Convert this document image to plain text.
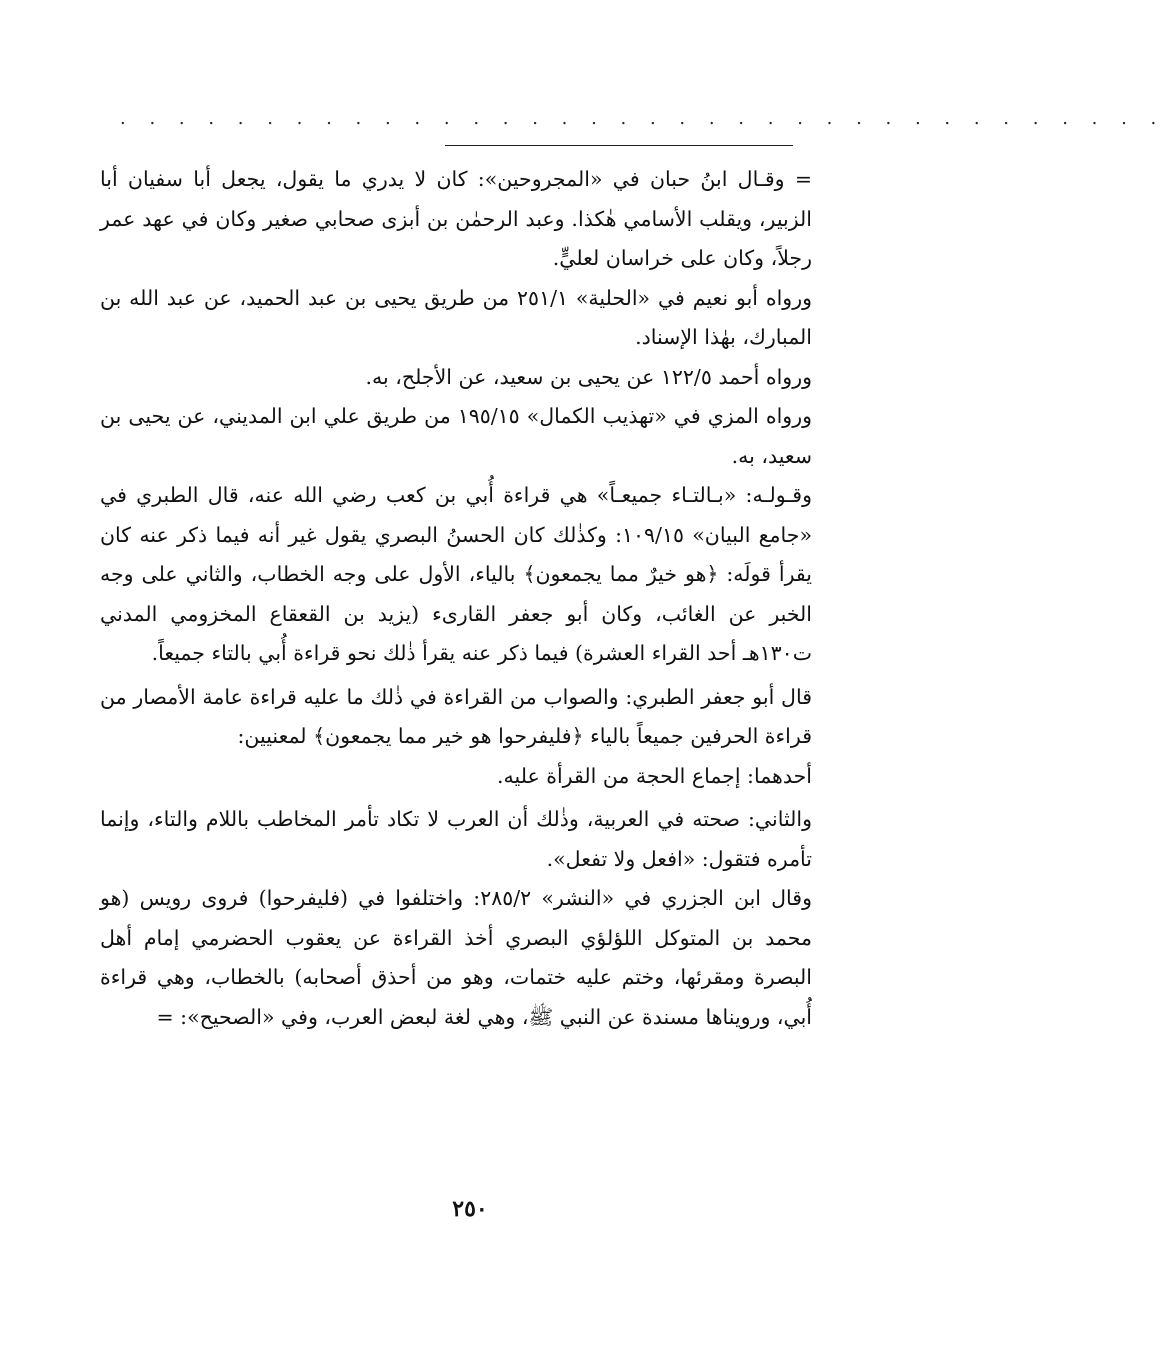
. . . . . . . . . . . . . . . . . . . . . . . . . . . . . . . . . . . .

= وقـال ابنُ حبان في «المجروحين»: كان لا يدري ما يقول، يجعل أبا سفيان أبا الزبير، ويقلب الأسامي هٰكذا. وعبد الرحمٰن بن أبزى صحابي صغير وكان في عهد عمر رجلاً، وكان على خراسان لعليٍّ.

ورواه أبو نعيم في «الحلية» ٢٥١/١ من طريق يحيى بن عبد الحميد، عن عبد الله بن المبارك، بهٰذا الإسناد.

ورواه أحمد ١٢٢/٥ عن يحيى بن سعيد، عن الأجلح، به.

ورواه المزي في «تهذيب الكمال» ١٩٥/١٥ من طريق علي ابن المديني، عن يحيى بن سعيد، به.

وقـولـه: «بـالتـاء جميعـاً» هي قراءة أُبي بن كعب رضي الله عنه، قال الطبري في «جامع البيان» ١٠٩/١٥: وكذٰلك كان الحسنُ البصري يقول غير أنه فيما ذكر عنه كان يقرأ قولَه: ﴿هو خيرٌ مما يجمعون﴾ بالياء، الأول على وجه الخطاب، والثاني على وجه الخبر عن الغائب، وكان أبو جعفر القارىء (يزيد بن القعقاع المخزومي المدني ت١٣٠هـ أحد القراء العشرة) فيما ذكر عنه يقرأ ذٰلك نحو قراءة أُبي بالتاء جميعاً.

قال أبو جعفر الطبري: والصواب من القراءة في ذٰلك ما عليه قراءة عامة الأمصار من قراءة الحرفين جميعاً بالياء ﴿فليفرحوا هو خير مما يجمعون﴾ لمعنيين:

أحدهما: إجماع الحجة من القرأة عليه.

والثاني: صحته في العربية، وذٰلك أن العرب لا تكاد تأمر المخاطب باللام والتاء، وإنما تأمره فتقول: «افعل ولا تفعل».

وقال ابن الجزري في «النشر» ٢٨٥/٢: واختلفوا في (فليفرحوا) فروى رويس (هو محمد بن المتوكل اللؤلؤي البصري أخذ القراءة عن يعقوب الحضرمي إمام أهل البصرة ومقرئها، وختم عليه ختمات، وهو من أحذق أصحابه) بالخطاب، وهي قراءة أُبي، ورويناها مسندة عن النبي ﷺ، وهي لغة لبعض العرب، وفي «الصحيح»: =

٢٥٠
